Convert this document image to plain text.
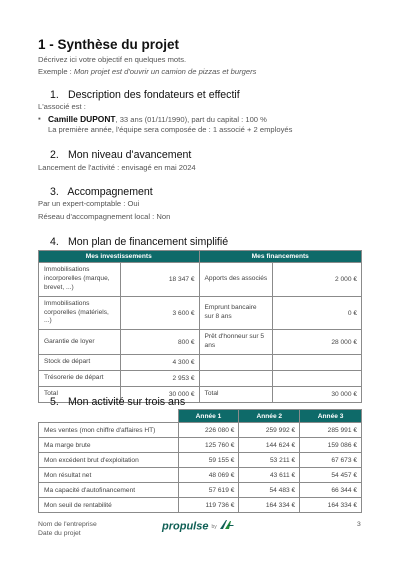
1 - Synthèse du projet
Décrivez ici votre objectif en quelques mots.
Exemple : Mon projet est d'ouvrir un camion de pizzas et burgers
1. Description des fondateurs et effectif
L'associé est :
▪ Camille DUPONT, 33 ans (01/11/1990), part du capital : 100 %
La première année, l'équipe sera composée de : 1 associé + 2 employés
2. Mon niveau d'avancement
Lancement de l'activité : envisagé en mai 2024
3. Accompagnement
Par un expert-comptable : Oui
Réseau d'accompagnement local : Non
4. Mon plan de financement simplifié
Mes investissements		Mes financements	
Immobilisations incorporelles (marque, brevet, ...)	18 347 €	Apports des associés	2 000 €
Immobilisations corporelles (matériels, ...)	3 600 €	Emprunt bancaire sur 8 ans	0 €
Garantie de loyer	800 €	Prêt d'honneur sur 5 ans	28 000 €
Stock de départ	4 300 €		
Trésorerie de départ	2 953 €		
Total	30 000 €	Total	30 000 €
5. Mon activité sur trois ans
	Année 1	Année 2	Année 3
Mes ventes (mon chiffre d'affaires HT)	226 080 €	259 992 €	285 991 €
Ma marge brute	125 760 €	144 624 €	159 086 €
Mon excédent brut d'exploitation	59 155 €	53 211 €	67 673 €
Mon résultat net	48 069 €	43 611 €	54 457 €
Ma capacité d'autofinancement	57 619 €	54 483 €	66 344 €
Mon seuil de rentabilité	119 736 €	164 334 €	164 334 €
Nom de l'entreprise
Date du projet
propulse by	3
